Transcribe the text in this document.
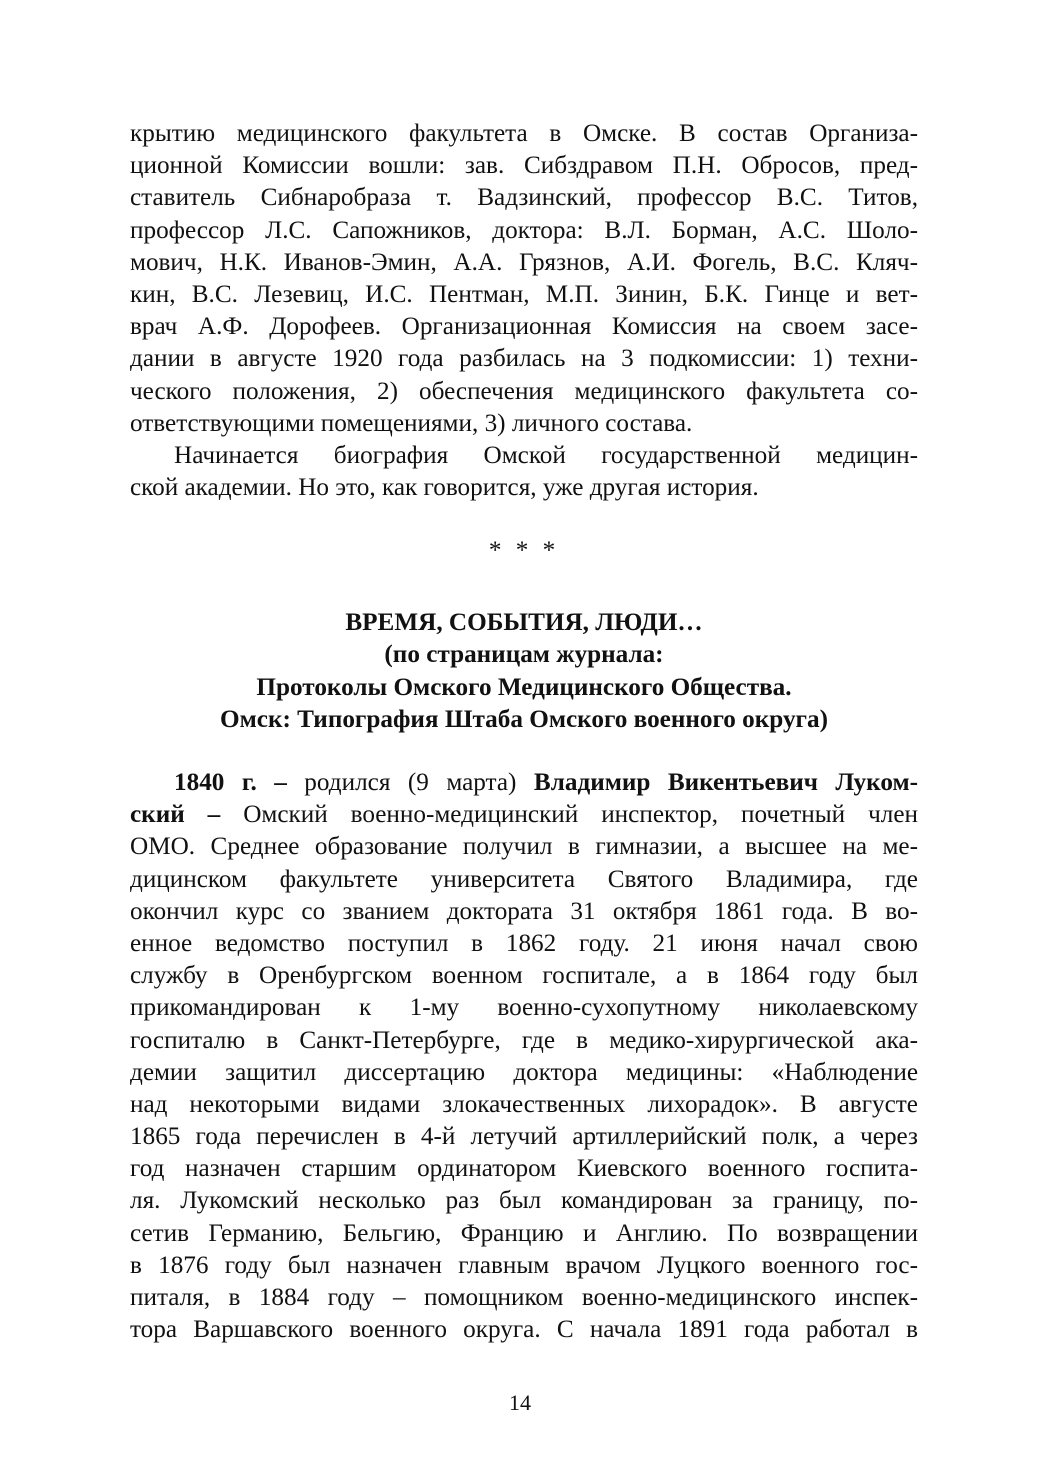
крытию медицинского факультета в Омске. В состав Организа-
ционной Комиссии вошли: зав. Сибздравом П.Н. Обросов, пред-
ставитель Сибнаробраза т. Вадзинский, профессор В.С. Титов,
профессор Л.С. Сапожников, доктора: В.Л. Борман, А.С. Шоло-
мович, Н.К. Иванов-Эмин, А.А. Грязнов, А.И. Фогель, В.С. Кляч-
кин, В.С. Лезевиц, И.С. Пентман, М.П. Зинин, Б.К. Гинце и вет-
врач А.Ф. Дорофеев. Организационная Комиссия на своем засе-
дании в августе 1920 года разбилась на 3 подкомиссии: 1) техни-
ческого положения, 2) обеспечения медицинского факультета со-
ответствующими помещениями, 3) личного состава.
Начинается биография Омской государственной медицин-
ской академии. Но это, как говорится, уже другая история.
* * *
ВРЕМЯ, СОБЫТИЯ, ЛЮДИ…
(по страницам журнала:
Протоколы Омского Медицинского Общества.
Омск: Типография Штаба Омского военного округа)
1840 г. – родился (9 марта) Владимир Викентьевич Луком-
ский – Омский военно-медицинский инспектор, почетный член
ОМО. Среднее образование получил в гимназии, а высшее на ме-
дицинском факультете университета Святого Владимира, где
окончил курс со званием доктората 31 октября 1861 года. В во-
енное ведомство поступил в 1862 году. 21 июня начал свою
службу в Оренбургском военном госпитале, а в 1864 году был
прикомандирован к 1-му военно-сухопутному николаевскому
госпиталю в Санкт-Петербурге, где в медико-хирургической ака-
демии защитил диссертацию доктора медицины: «Наблюдение
над некоторыми видами злокачественных лихорадок». В августе
1865 года перечислен в 4-й летучий артиллерийский полк, а через
год назначен старшим ординатором Киевского военного госпита-
ля. Лукомский несколько раз был командирован за границу, по-
сетив Германию, Бельгию, Францию и Англию. По возвращении
в 1876 году был назначен главным врачом Луцкого военного гос-
питаля, в 1884 году – помощником военно-медицинского инспек-
тора Варшавского военного округа. С начала 1891 года работал в
14
